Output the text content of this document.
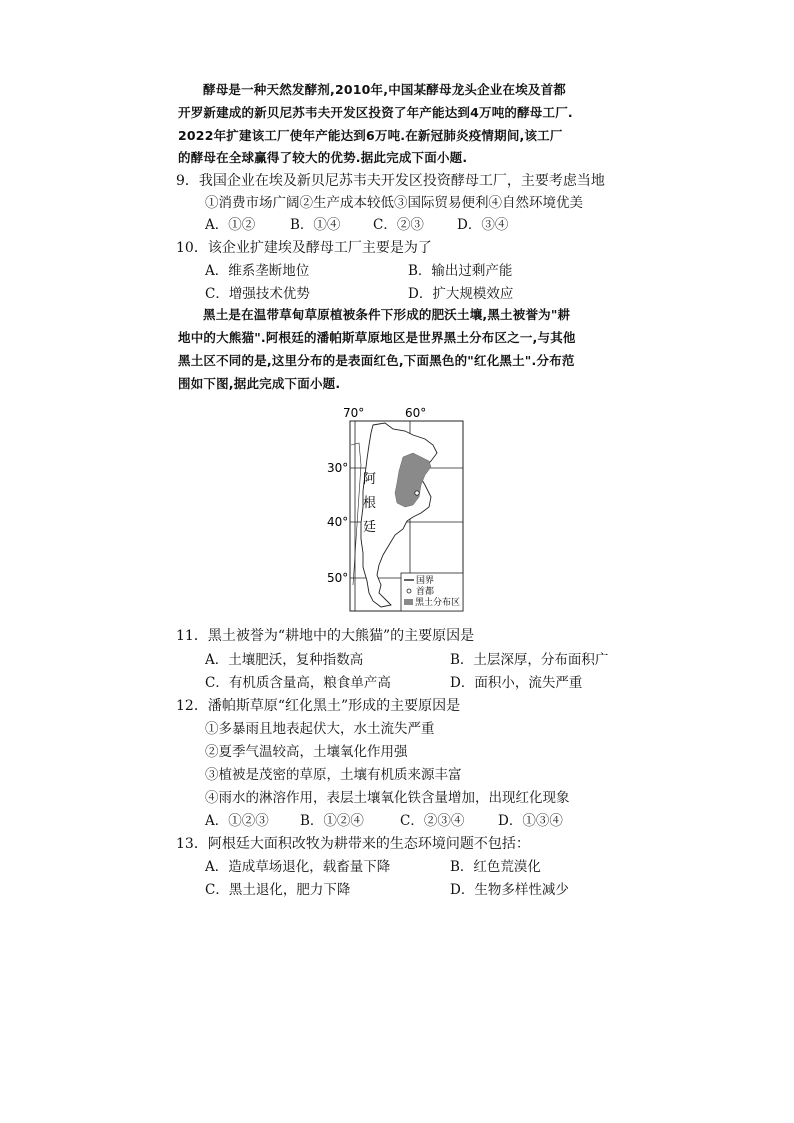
酵母是一种天然发酵剂,2010年,中国某酵母龙头企业在埃及首都
开罗新建成的新贝尼苏韦夫开发区投资了年产能达到4万吨的酵母工厂.
2022年扩建该工厂使年产能达到6万吨.在新冠肺炎疫情期间,该工厂
的酵母在全球赢得了较大的优势.据此完成下面小题.
9．我国企业在埃及新贝尼苏韦夫开发区投资酵母工厂，主要考虑当地
①消费市场广阔②生产成本较低③国际贸易便利④自然环境优美
A．①②	B．①④ C．②③ D．③④
10．该企业扩建埃及酵母工厂主要是为了
A．维系垄断地位	B．输出过剩产能
C．增强技术优势	D．扩大规模效应
黑土是在温带草甸草原植被条件下形成的肥沃土壤,黑土被誉为"耕
地中的大熊猫".阿根廷的潘帕斯草原地区是世界黑土分布区之一,与其他
黑土区不同的是,这里分布的是表面红色,下面黑色的"红化黑土".分布范
围如下图,据此完成下面小题.
70°	60°
30°
40°
50°
阿
根
廷
国界
首都
黑土分布区
11．黑土被誉为“耕地中的大熊猫”的主要原因是
A．土壤肥沃，复种指数高	B．土层深厚，分布面积广
C．有机质含量高，粮食单产高	D．面积小，流失严重
12．潘帕斯草原“红化黑土”形成的主要原因是
①多暴雨且地表起伏大，水土流失严重
②夏季气温较高，土壤氧化作用强
③植被是茂密的草原，土壤有机质来源丰富
④雨水的淋溶作用，表层土壤氧化铁含量增加，出现红化现象
A．①②③ B．①②④	C．②③④ D．①③④
13．阿根廷大面积改牧为耕带来的生态环境问题不包括：
A．造成草场退化，载畜量下降	B．红色荒漠化
C．黑土退化，肥力下降	D．生物多样性减少
